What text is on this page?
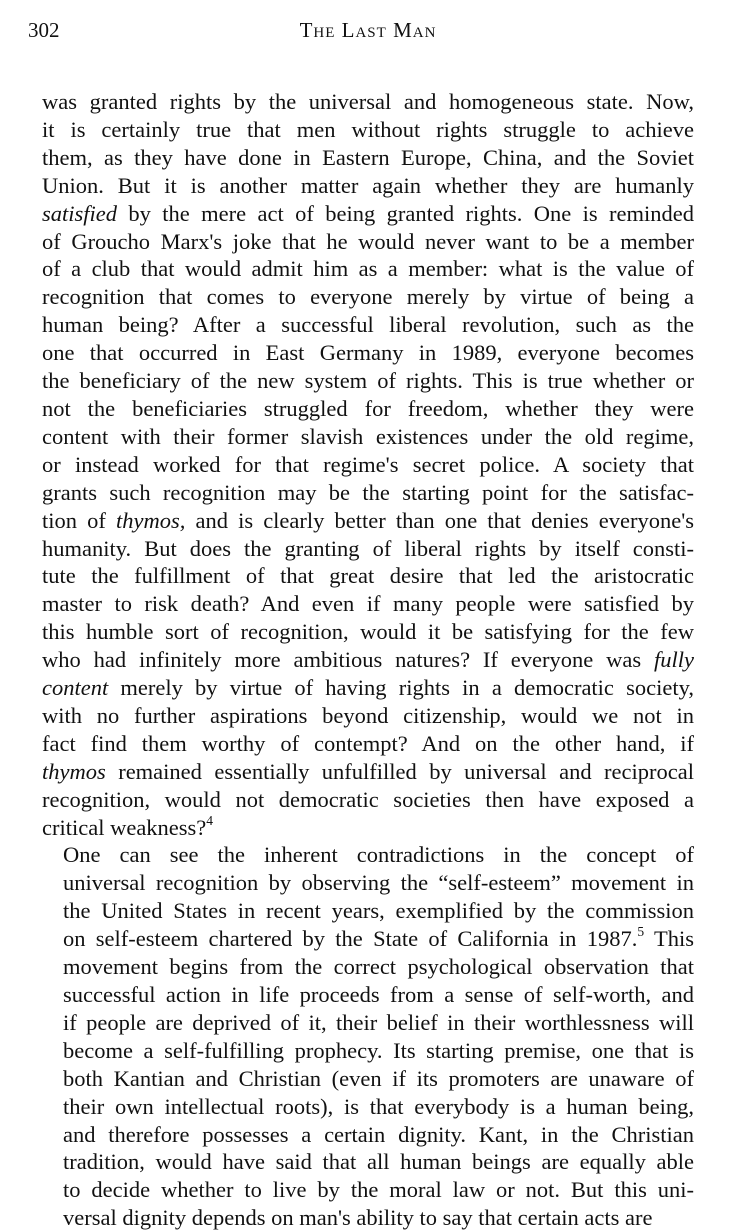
302	The Last Man

was granted rights by the universal and homogeneous state. Now,
it is certainly true that men without rights struggle to achieve
them, as they have done in Eastern Europe, China, and the Soviet
Union. But it is another matter again whether they are humanly
satisfied by the mere act of being granted rights. One is reminded
of Groucho Marx's joke that he would never want to be a member
of a club that would admit him as a member: what is the value of
recognition that comes to everyone merely by virtue of being a
human being? After a successful liberal revolution, such as the
one that occurred in East Germany in 1989, everyone becomes
the beneficiary of the new system of rights. This is true whether or
not the beneficiaries struggled for freedom, whether they were
content with their former slavish existences under the old regime,
or instead worked for that regime's secret police. A society that
grants such recognition may be the starting point for the satisfac-
tion of thymos, and is clearly better than one that denies everyone's
humanity. But does the granting of liberal rights by itself consti-
tute the fulfillment of that great desire that led the aristocratic
master to risk death? And even if many people were satisfied by
this humble sort of recognition, would it be satisfying for the few
who had infinitely more ambitious natures? If everyone was fully
content merely by virtue of having rights in a democratic society,
with no further aspirations beyond citizenship, would we not in
fact find them worthy of contempt? And on the other hand, if
thymos remained essentially unfulfilled by universal and reciprocal
recognition, would not democratic societies then have exposed a
critical weakness?$^4$

One can see the inherent contradictions in the concept of
universal recognition by observing the “self-esteem” movement in
the United States in recent years, exemplified by the commission
on self-esteem chartered by the State of California in 1987.$^5$ This
movement begins from the correct psychological observation that
successful action in life proceeds from a sense of self-worth, and
if people are deprived of it, their belief in their worthlessness will
become a self-fulfilling prophecy. Its starting premise, one that is
both Kantian and Christian (even if its promoters are unaware of
their own intellectual roots), is that everybody is a human being,
and therefore possesses a certain dignity. Kant, in the Christian
tradition, would have said that all human beings are equally able
to decide whether to live by the moral law or not. But this uni-
versal dignity depends on man's ability to say that certain acts are
